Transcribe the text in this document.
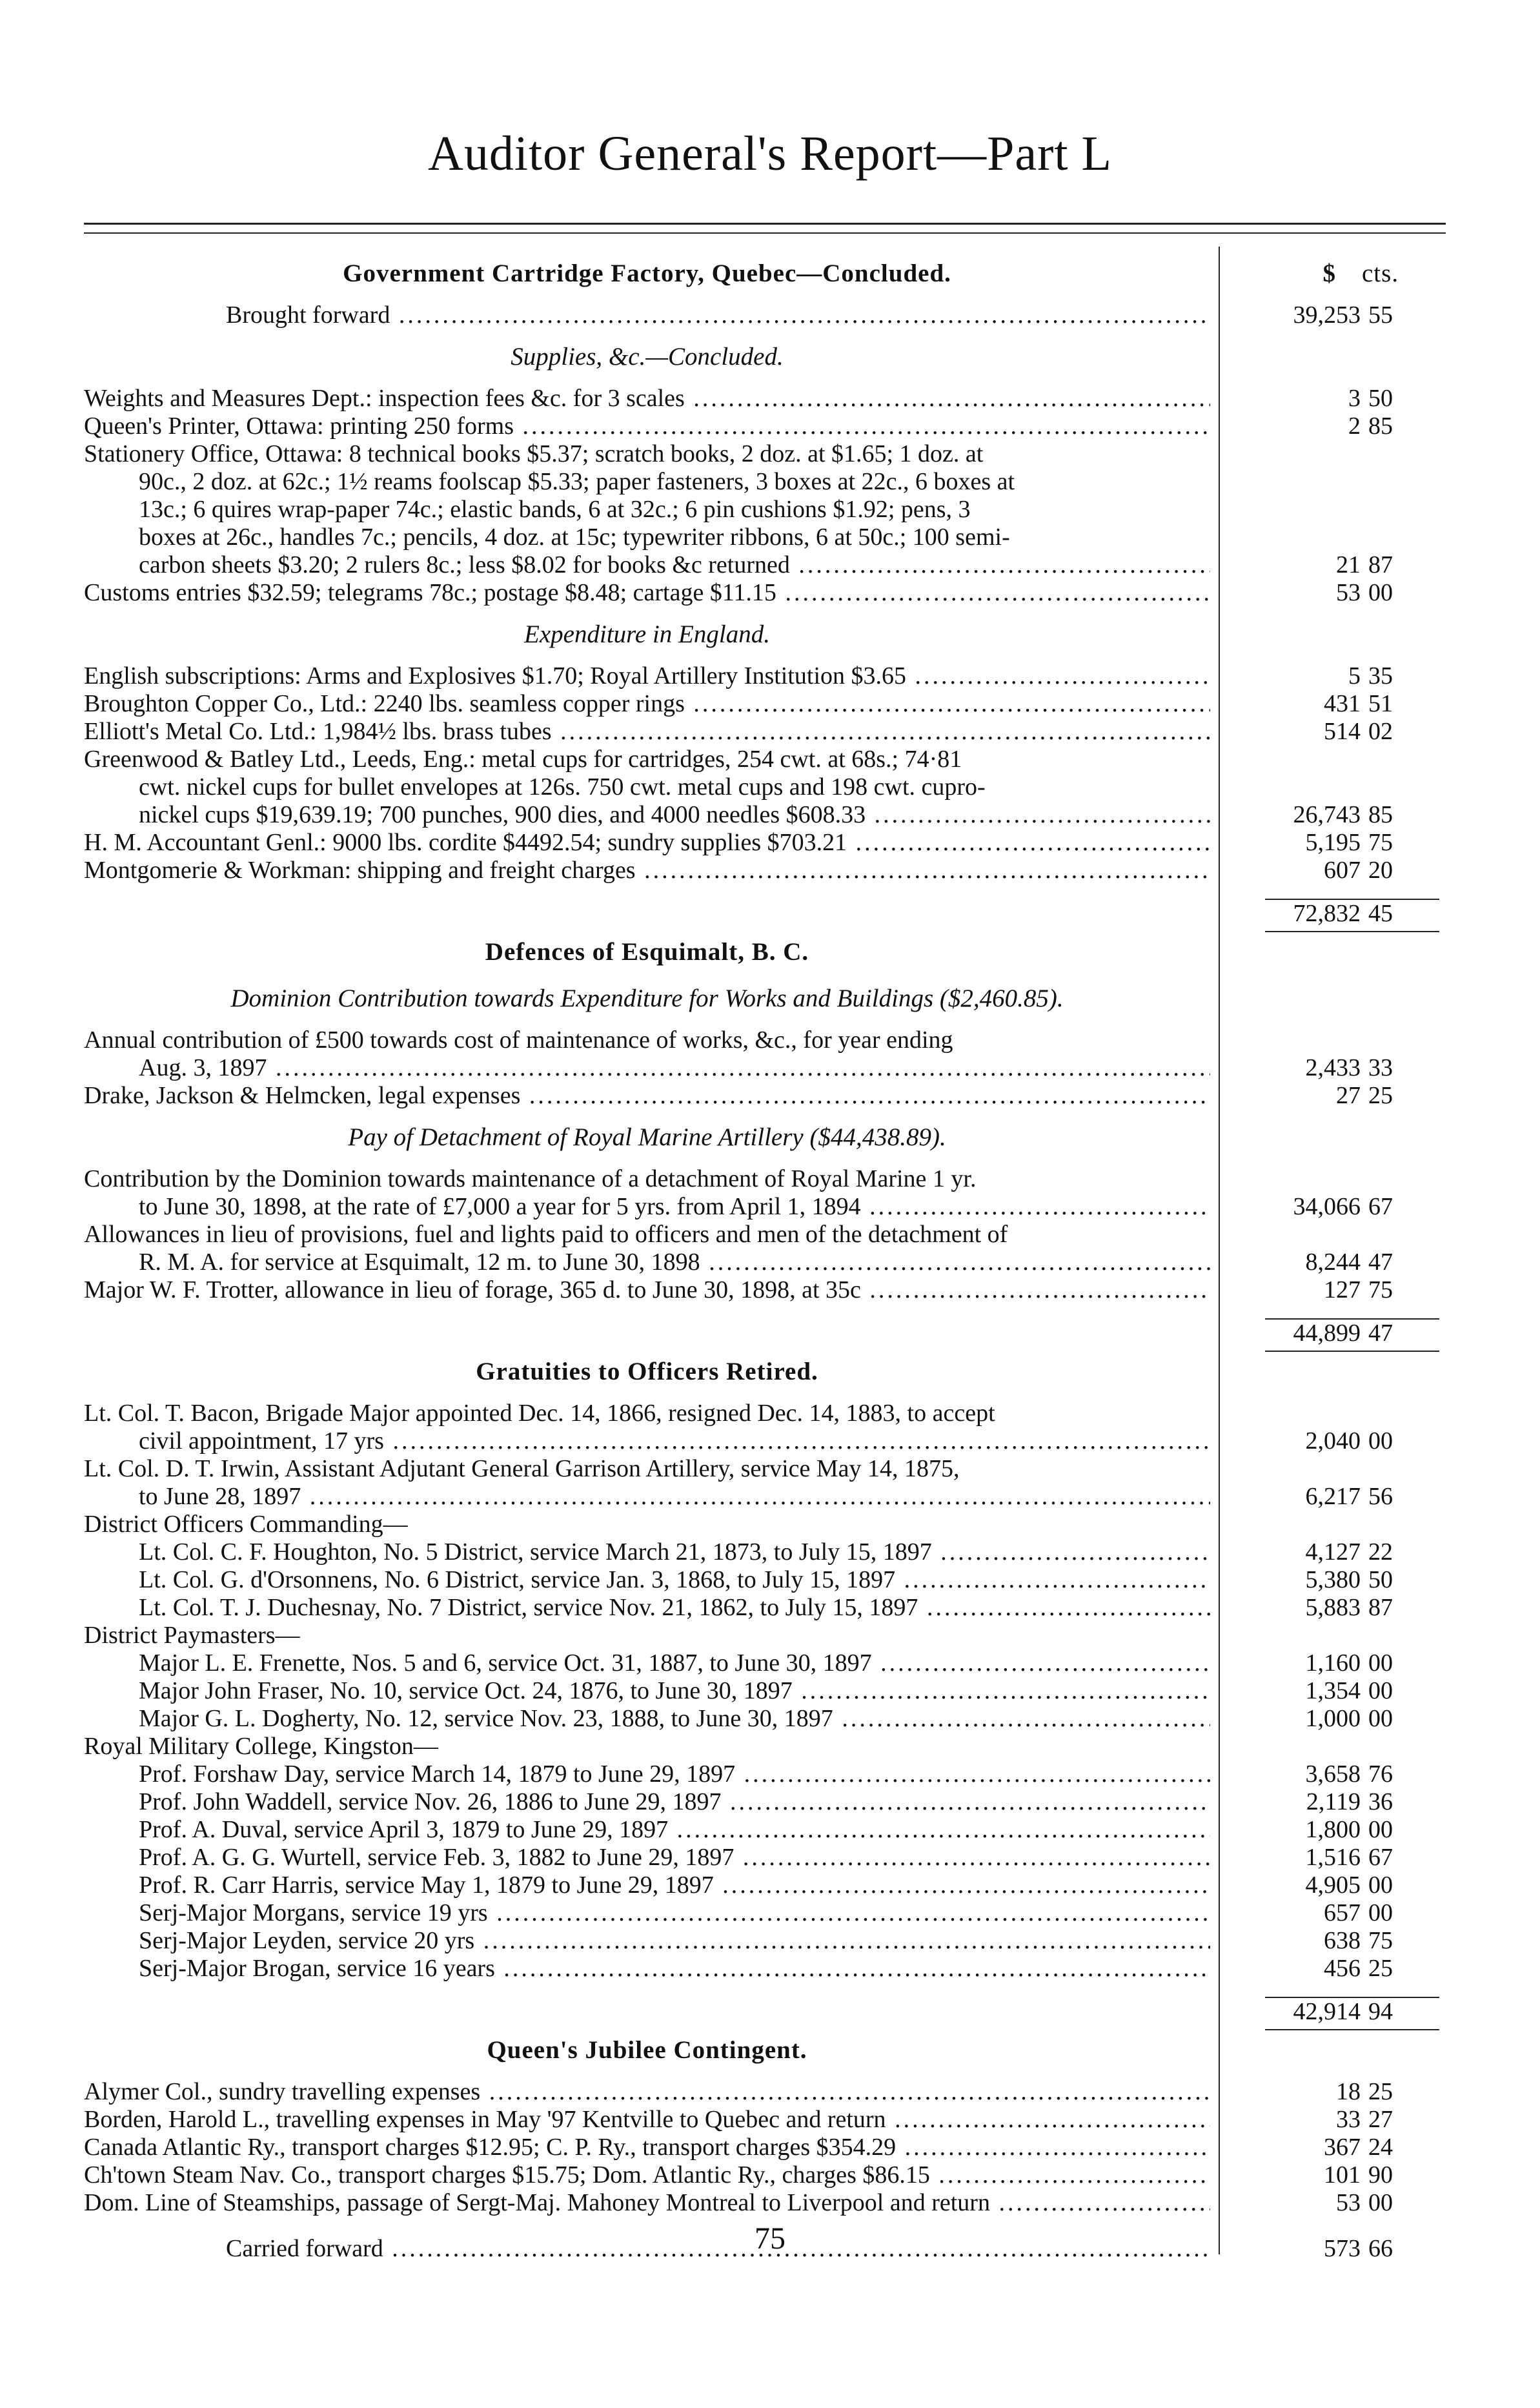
Auditor General's Report—Part L
Government Cartridge Factory, Quebec—Concluded.	$ cts.
Brought forward .....	39,253 55
Supplies, &c.—Concluded.
Weights and Measures Dept.: inspection fees &c. for 3 scales .....	3 50
Queen's Printer, Ottawa: printing 250 forms .....	2 85
Stationery Office, Ottawa: 8 technical books $5.37; scratch books, 2 doz. at $1.65; 1 doz. at
90c., 2 doz. at 62c.; 1½ reams foolscap $5.33; paper fasteners, 3 boxes at 22c., 6 boxes at
13c.; 6 quires wrap-paper 74c.; elastic bands, 6 at 32c.; 6 pin cushions $1.92; pens, 3
boxes at 26c., handles 7c.; pencils, 4 doz. at 15c; typewriter ribbons, 6 at 50c.; 100 semi-
carbon sheets $3.20; 2 rulers 8c.; less $8.02 for books &c returned .....	21 87
Customs entries $32.59; telegrams 78c.; postage $8.48; cartage $11.15 .....	53 00
Expenditure in England.
English subscriptions: Arms and Explosives $1.70; Royal Artillery Institution $3.65 .....	5 35
Broughton Copper Co., Ltd.: 2240 lbs. seamless copper rings .....	431 51
Elliott's Metal Co. Ltd.: 1,984½ lbs. brass tubes .....	514 02
Greenwood & Batley Ltd., Leeds, Eng.: metal cups for cartridges, 254 cwt. at 68s.; 74·81
cwt. nickel cups for bullet envelopes at 126s. 750 cwt. metal cups and 198 cwt. cupro-
nickel cups $19,639.19; 700 punches, 900 dies, and 4000 needles $608.33 .....	26,743 85
H. M. Accountant Genl.: 9000 lbs. cordite $4492.54; sundry supplies $703.21 .....	5,195 75
Montgomerie & Workman: shipping and freight charges .....	607 20
72,832 45
Defences of Esquimalt, B. C.
Dominion Contribution towards Expenditure for Works and Buildings ($2,460.85).
Annual contribution of £500 towards cost of maintenance of works, &c., for year ending
Aug. 3, 1897 .....	2,433 33
Drake, Jackson & Helmcken, legal expenses .....	27 25
Pay of Detachment of Royal Marine Artillery ($44,438.89).
Contribution by the Dominion towards maintenance of a detachment of Royal Marine 1 yr.
to June 30, 1898, at the rate of £7,000 a year for 5 yrs. from April 1, 1894 .....	34,066 67
Allowances in lieu of provisions, fuel and lights paid to officers and men of the detachment of
R. M. A. for service at Esquimalt, 12 m. to June 30, 1898 .....	8,244 47
Major W. F. Trotter, allowance in lieu of forage, 365 d. to June 30, 1898, at 35c .....	127 75
44,899 47
Gratuities to Officers Retired.
Lt. Col. T. Bacon, Brigade Major appointed Dec. 14, 1866, resigned Dec. 14, 1883, to accept
civil appointment, 17 yrs .....	2,040 00
Lt. Col. D. T. Irwin, Assistant Adjutant General Garrison Artillery, service May 14, 1875,
to June 28, 1897 .....	6,217 56
District Officers Commanding—
Lt. Col. C. F. Houghton, No. 5 District, service March 21, 1873, to July 15, 1897 .....	4,127 22
Lt. Col. G. d'Orsonnens, No. 6 District, service Jan. 3, 1868, to July 15, 1897 .....	5,380 50
Lt. Col. T. J. Duchesnay, No. 7 District, service Nov. 21, 1862, to July 15, 1897 .....	5,883 87
District Paymasters—
Major L. E. Frenette, Nos. 5 and 6, service Oct. 31, 1887, to June 30, 1897 .....	1,160 00
Major John Fraser, No. 10, service Oct. 24, 1876, to June 30, 1897 .....	1,354 00
Major G. L. Dogherty, No. 12, service Nov. 23, 1888, to June 30, 1897 .....	1,000 00
Royal Military College, Kingston—
Prof. Forshaw Day, service March 14, 1879 to June 29, 1897 .....	3,658 76
Prof. John Waddell, service Nov. 26, 1886 to June 29, 1897 .....	2,119 36
Prof. A. Duval, service April 3, 1879 to June 29, 1897 .....	1,800 00
Prof. A. G. G. Wurtell, service Feb. 3, 1882 to June 29, 1897 .....	1,516 67
Prof. R. Carr Harris, service May 1, 1879 to June 29, 1897 .....	4,905 00
Serj-Major Morgans, service 19 yrs .....	657 00
Serj-Major Leyden, service 20 yrs .....	638 75
Serj-Major Brogan, service 16 years .....	456 25
42,914 94
Queen's Jubilee Contingent.
Alymer Col., sundry travelling expenses .....	18 25
Borden, Harold L., travelling expenses in May '97 Kentville to Quebec and return .....	33 27
Canada Atlantic Ry., transport charges $12.95; C. P. Ry., transport charges $354.29 .....	367 24
Ch'town Steam Nav. Co., transport charges $15.75; Dom. Atlantic Ry., charges $86.15 .....	101 90
Dom. Line of Steamships, passage of Sergt-Maj. Mahoney Montreal to Liverpool and return .....	53 00
Carried forward .....	573 66
75
